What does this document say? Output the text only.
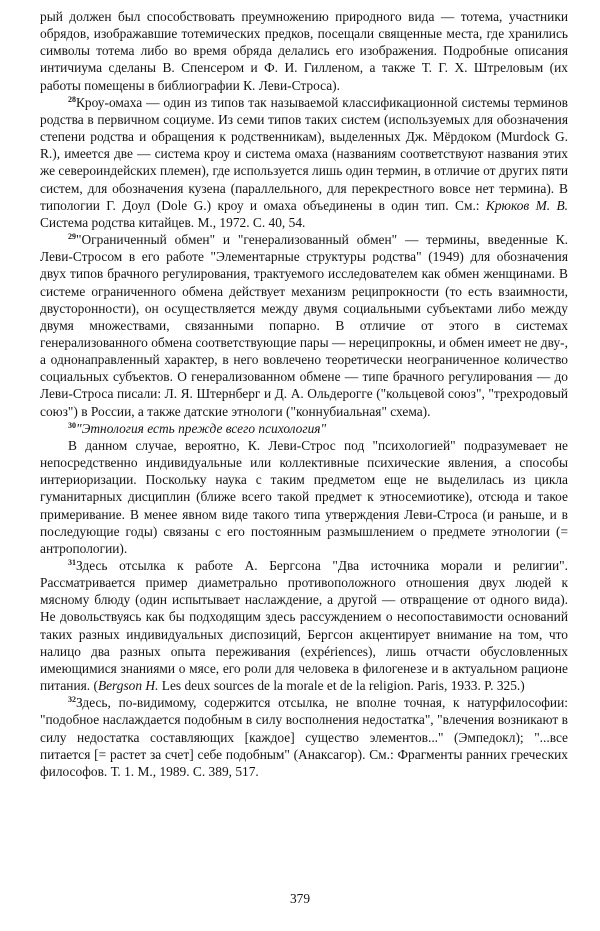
рый должен был способствовать преумножению природного вида — тотема, участники обрядов, изображавшие тотемических предков, посещали священные места, где хранились символы тотема либо во время обряда делались его изображения. Подробные описания интичиума сделаны В. Спенсером и Ф. И. Гилленом, а также Т. Г. Х. Штреловым (их работы помещены в библиографии К. Леви-Строса).

$^{28}$Кроу-омаха — один из типов так называемой классификационной системы терминов родства в первичном социуме. Из семи типов таких систем (используемых для обозначения степени родства и обращения к родственникам), выделенных Дж. Мёрдоком (Murdock G. R.), имеется две — система кроу и система омаха (названиям соответствуют названия этих же североиндейских племен), где используется лишь один термин, в отличие от других пяти систем, для обозначения кузена (параллельного, для перекрестного вовсе нет термина). В типологии Г. Доул (Dole G.) кроу и омаха объединены в один тип. См.: Крюков М. В. Система родства китайцев. М., 1972. С. 40, 54.

$^{29}$"Ограниченный обмен" и "генерализованный обмен" — термины, введенные К. Леви-Стросом в его работе "Элементарные структуры родства" (1949) для обозначения двух типов брачного регулирования, трактуемого исследователем как обмен женщинами. В системе ограниченного обмена действует механизм реципрокности (то есть взаимности, двусторонности), он осуществляется между двумя социальными субъектами либо между двумя множествами, связанными попарно. В отличие от этого в системах генерализованного обмена соответствующие пары — нереципрокны, и обмен имеет не дву-, а однонаправленный характер, в него вовлечено теоретически неограниченное количество социальных субъектов. О генерализованном обмене — типе брачного регулирования — до Леви-Строса писали: Л. Я. Штернберг и Д. А. Ольдерогге ("кольцевой союз", "трехродовый союз") в России, а также датские этнологи ("коннубиальная" схема).

$^{30}$"Этнология есть прежде всего психология"

В данном случае, вероятно, К. Леви-Строс под "психологией" подразумевает не непосредственно индивидуальные или коллективные психические явления, а способы интериоризации. Поскольку наука с таким предметом еще не выделилась из цикла гуманитарных дисциплин (ближе всего такой предмет к этносемиотике), отсюда и такое примеривание. В менее явном виде такого типа утверждения Леви-Строса (и раньше, и в последующие годы) связаны с его постоянным размышлением о предмете этнологии (= антропологии).

$^{31}$Здесь отсылка к работе А. Бергсона "Два источника морали и религии". Рассматривается пример диаметрально противоположного отношения двух людей к мясному блюду (один испытывает наслаждение, а другой — отвращение от одного вида). Не довольствуясь как бы подходящим здесь рассуждением о несопоставимости оснований таких разных индивидуальных диспозиций, Бергсон акцентирует внимание на том, что налицо два разных опыта переживания (expériences), лишь отчасти обусловленных имеющимися знаниями о мясе, его роли для человека в филогенезе и в актуальном рационе питания. (Bergson H. Les deux sources de la morale et de la religion. Paris, 1933. P. 325.)

$^{32}$Здесь, по-видимому, содержится отсылка, не вполне точная, к натурфилософии: "подобное наслаждается подобным в силу восполнения недостатка", "влечения возникают в силу недостатка составляющих [каждое] существо элементов..." (Эмпедокл); "...все питается [= растет за счет] себе подобным" (Анаксагор). См.: Фрагменты ранних греческих философов. Т. 1. М., 1989. С. 389, 517.

379
